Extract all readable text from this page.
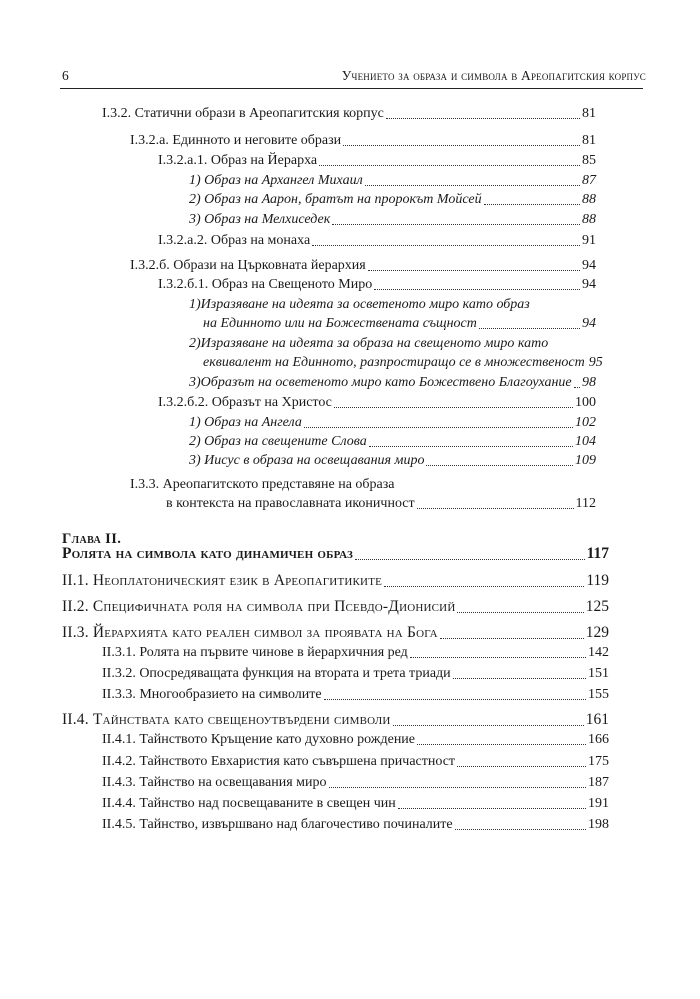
6	Учението за образа и символа в Ареопагитския корпус
I.3.2. Статични образи в Ареопагитския корпус	81
I.3.2.а. Единното и неговите образи	81
I.3.2.а.1. Образ на Йерарха	85
1) Образ на Архангел Михаил	87
2) Образ на Аарон, братът на пророкът Мойсей	88
3) Образ на Мелхиседек	88
I.3.2.а.2. Образ на монаха	91
I.3.2.б. Образи на Църковната йерархия	94
I.3.2.б.1. Образ на Свещеното Миро	94
1)Изразяване на идеята за осветеното миро като образ
на Единното или на Божествената същност	94
2)Изразяване на идеята за образа на свещеното миро като
еквивалент на Единното, разпростиращо се в множественост 95
3)Образът на осветеното миро като Божествено Благоухание 98
I.3.2.б.2. Образът на Христос	100
1) Образ на Ангела	102
2) Образ на свещените Слова	104
3) Иисус в образа на освещавания миро	109
I.3.3. Ареопагитското представяне на образа
в контекста на православната иконичност	112
Глава II.
Ролята на символа като динамичен образ	117
II.1. Неоплатоническият език в Ареопагитиките	119
II.2. Специфичната роля на символа при Псевдо-Дионисий	125
II.3. Йерархията като реален символ за проявата на Бога	129
II.3.1. Ролята на първите чинове в йерархичния ред	142
II.3.2. Опосредяващата функция на втората и трета триади	151
II.3.3. Многообразието на символите	155
II.4. Тайнствата като свещеноутвърдени символи	161
II.4.1. Тайнството Кръщение като духовно рождение	166
II.4.2. Тайнството Евхаристия като съвършена причастност	175
II.4.3. Тайнство на освещавания миро	187
II.4.4. Тайнство над посвещаваните в свещен чин	191
II.4.5. Тайнство, извършвано над благочестиво починалите	198
